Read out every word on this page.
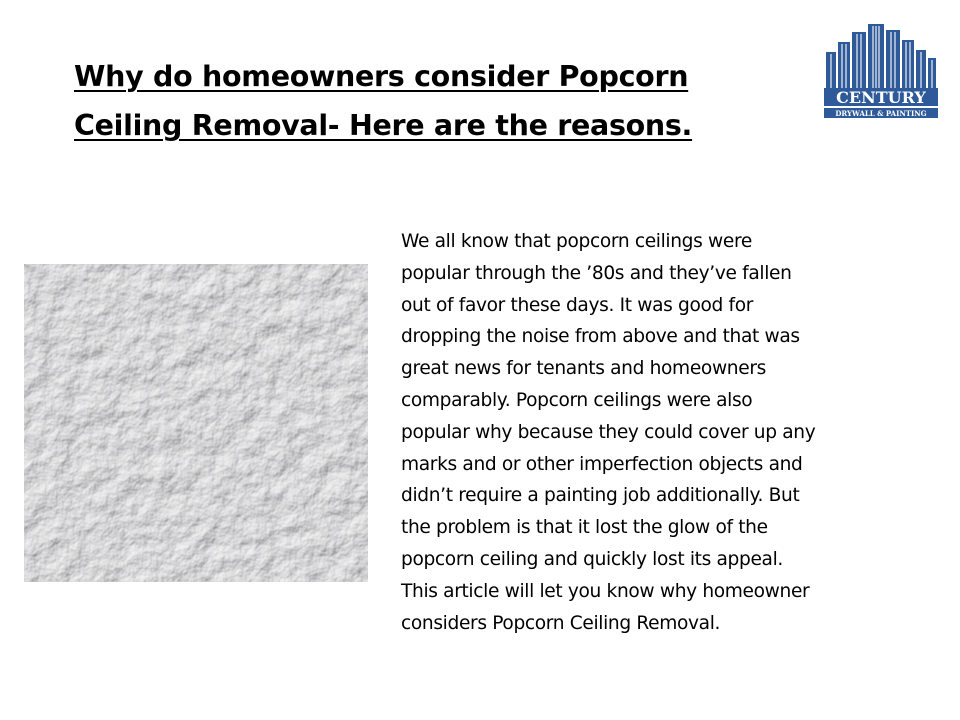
Why do homeowners consider Popcorn
Ceiling Removal- Here are the reasons.
CENTURY
DRYWALL & PAINTING
We all know that popcorn ceilings were
popular through the ’80s and they’ve fallen
out of favor these days. It was good for
dropping the noise from above and that was
great news for tenants and homeowners
comparably. Popcorn ceilings were also
popular why because they could cover up any
marks and or other imperfection objects and
didn’t require a painting job additionally. But
the problem is that it lost the glow of the
popcorn ceiling and quickly lost its appeal.
This article will let you know why homeowner
considers Popcorn Ceiling Removal.
